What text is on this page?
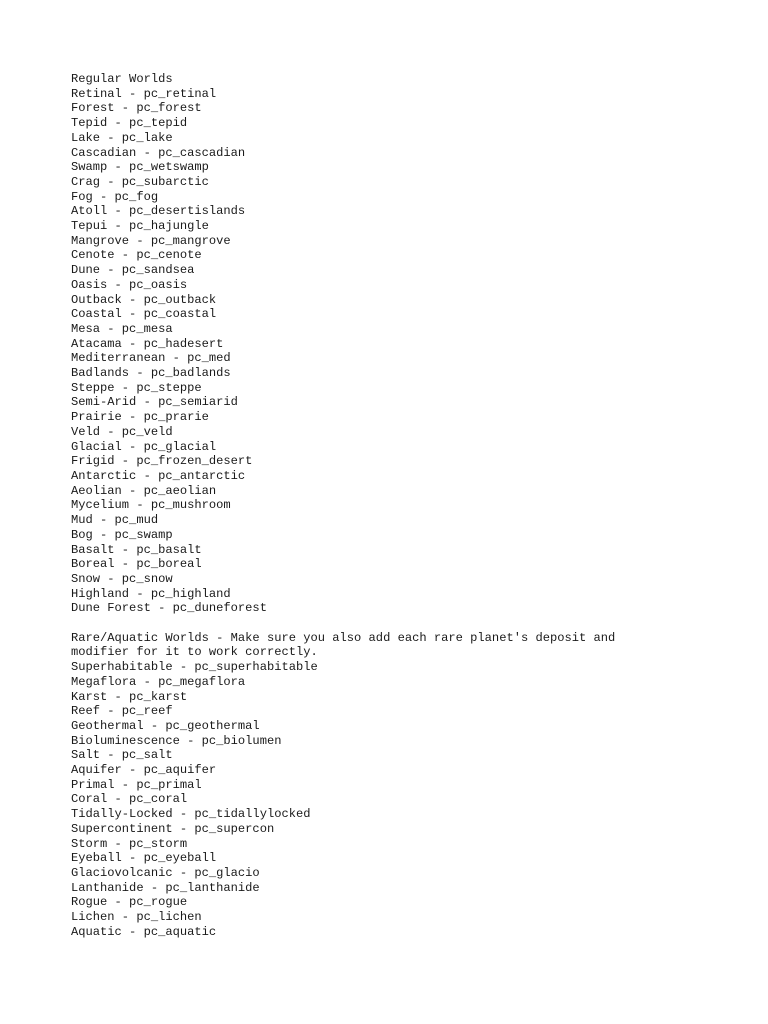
Regular Worlds
Retinal - pc_retinal
Forest - pc_forest
Tepid - pc_tepid
Lake - pc_lake
Cascadian - pc_cascadian
Swamp - pc_wetswamp
Crag - pc_subarctic
Fog - pc_fog
Atoll - pc_desertislands
Tepui - pc_hajungle
Mangrove - pc_mangrove
Cenote - pc_cenote
Dune - pc_sandsea
Oasis - pc_oasis
Outback - pc_outback
Coastal - pc_coastal
Mesa - pc_mesa
Atacama - pc_hadesert
Mediterranean - pc_med
Badlands - pc_badlands
Steppe - pc_steppe
Semi-Arid - pc_semiarid
Prairie - pc_prarie
Veld - pc_veld
Glacial - pc_glacial
Frigid - pc_frozen_desert
Antarctic - pc_antarctic
Aeolian - pc_aeolian
Mycelium - pc_mushroom
Mud - pc_mud
Bog - pc_swamp
Basalt - pc_basalt
Boreal - pc_boreal
Snow - pc_snow
Highland - pc_highland
Dune Forest - pc_duneforest
Rare/Aquatic Worlds - Make sure you also add each rare planet's deposit and
modifier for it to work correctly.
Superhabitable - pc_superhabitable
Megaflora - pc_megaflora
Karst - pc_karst
Reef - pc_reef
Geothermal - pc_geothermal
Bioluminescence - pc_biolumen
Salt - pc_salt
Aquifer - pc_aquifer
Primal - pc_primal
Coral - pc_coral
Tidally-Locked - pc_tidallylocked
Supercontinent - pc_supercon
Storm - pc_storm
Eyeball - pc_eyeball
Glaciovolcanic - pc_glacio
Lanthanide - pc_lanthanide
Rogue - pc_rogue
Lichen - pc_lichen
Aquatic - pc_aquatic
